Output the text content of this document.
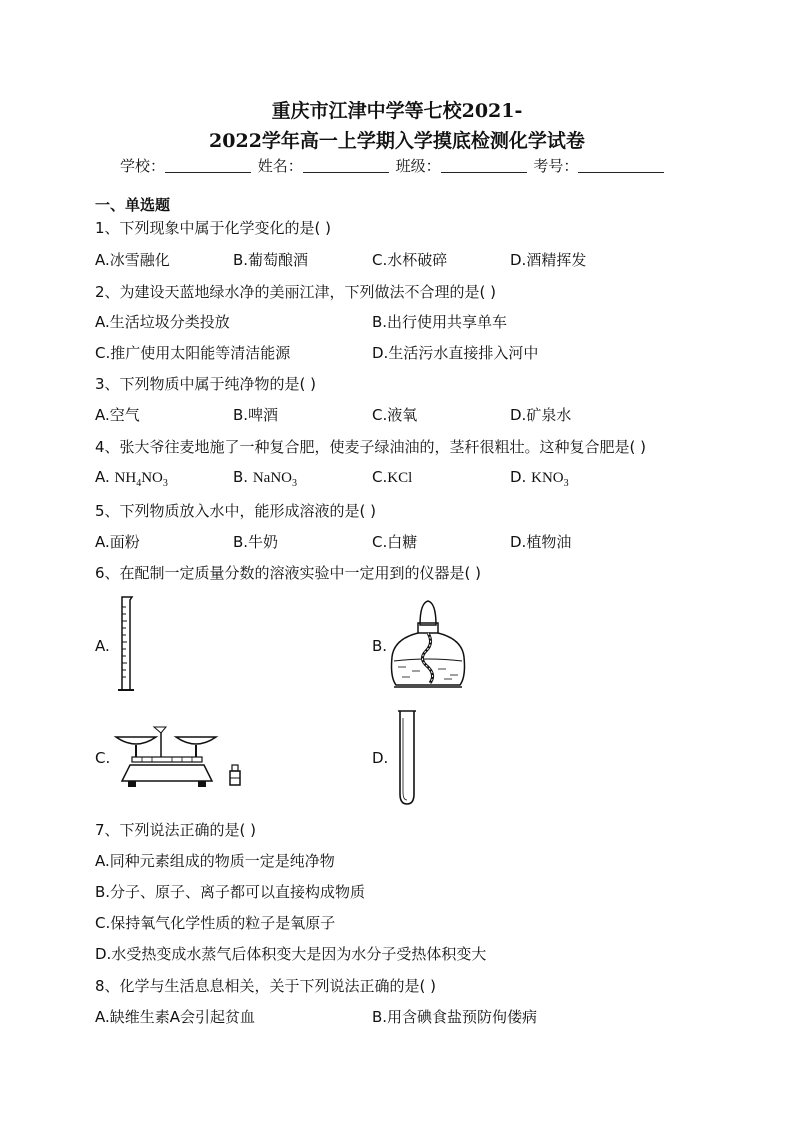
重庆市江津中学等七校2021-
2022学年高一上学期入学摸底检测化学试卷
学校：	姓名：	班级：	考号：
一、单选题
1、下列现象中属于化学变化的是( )
A.冰雪融化	B.葡萄酿酒	C.水杯破碎	D.酒精挥发
2、为建设天蓝地绿水净的美丽江津，下列做法不合理的是( )
A.生活垃圾分类投放	B.出行使用共享单车
C.推广使用太阳能等清洁能源	D.生活污水直接排入河中
3、下列物质中属于纯净物的是( )
A.空气	B.啤酒	C.液氧	D.矿泉水
4、张大爷往麦地施了一种复合肥，使麦子绿油油的，茎秆很粗壮。这种复合肥是( )
A. $NH_4NO_3$	B. NaNO$_3$	C.KCl	D. $KNO_3$
5、下列物质放入水中，能形成溶液的是( )
A.面粉	B.牛奶	C.白糖	D.植物油
6、在配制一定质量分数的溶液实验中一定用到的仪器是( )
A.	B.
C.	D.
7、下列说法正确的是( )
A.同种元素组成的物质一定是纯净物
B.分子、原子、离子都可以直接构成物质
C.保持氧气化学性质的粒子是氧原子
D.水受热变成水蒸气后体积变大是因为水分子受热体积变大
8、化学与生活息息相关，关于下列说法正确的是( )
A.缺维生素A会引起贫血	B.用含碘食盐预防佝偻病
